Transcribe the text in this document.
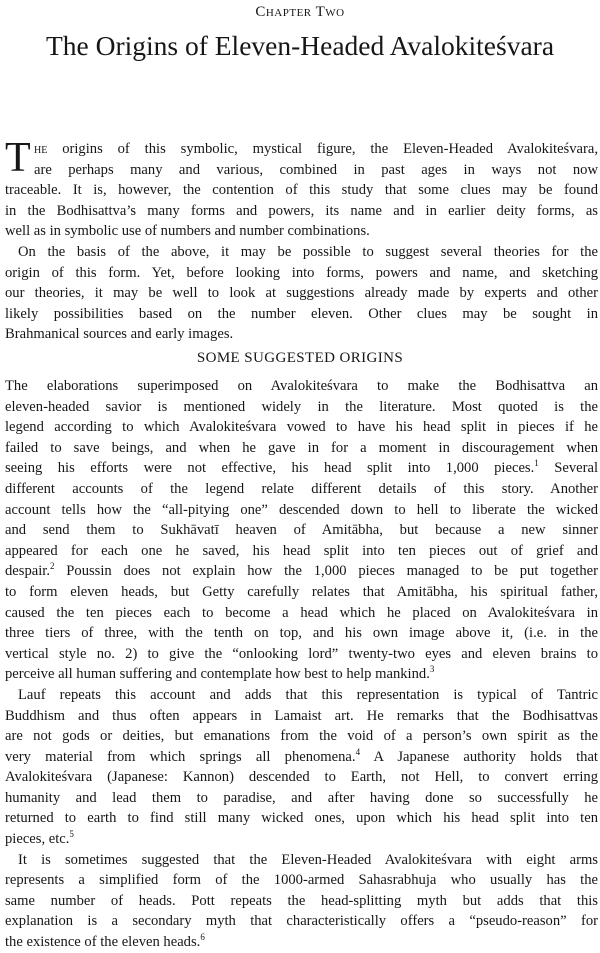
Chapter Two
The Origins of Eleven-Headed Avalokiteśvara
T he origins of this symbolic, mystical figure, the Eleven-Headed Avalokiteśvara,
are perhaps many and various, combined in past ages in ways not now
traceable. It is, however, the contention of this study that some clues may be found
in the Bodhisattva’s many forms and powers, its name and in earlier deity forms, as
well as in symbolic use of numbers and number combinations.
On the basis of the above, it may be possible to suggest several theories for the
origin of this form. Yet, before looking into forms, powers and name, and sketching
our theories, it may be well to look at suggestions already made by experts and other
likely possibilities based on the number eleven. Other clues may be sought in
Brahmanical sources and early images.
SOME SUGGESTED ORIGINS
The elaborations superimposed on Avalokiteśvara to make the Bodhisattva an
eleven-headed savior is mentioned widely in the literature. Most quoted is the
legend according to which Avalokiteśvara vowed to have his head split in pieces if he
failed to save beings, and when he gave in for a moment in discouragement when
seeing his efforts were not effective, his head split into 1,000 pieces.$^1$ Several
different accounts of the legend relate different details of this story. Another
account tells how the “all-pitying one” descended down to hell to liberate the wicked
and send them to Sukhāvatī heaven of Amitābha, but because a new sinner
appeared for each one he saved, his head split into ten pieces out of grief and
despair.$^2$ Poussin does not explain how the 1,000 pieces managed to be put together
to form eleven heads, but Getty carefully relates that Amitābha, his spiritual father,
caused the ten pieces each to become a head which he placed on Avalokiteśvara in
three tiers of three, with the tenth on top, and his own image above it, (i.e. in the
vertical style no. 2) to give the “onlooking lord” twenty-two eyes and eleven brains to
perceive all human suffering and contemplate how best to help mankind.$^3$
Lauf repeats this account and adds that this representation is typical of Tantric
Buddhism and thus often appears in Lamaist art. He remarks that the Bodhisattvas
are not gods or deities, but emanations from the void of a person’s own spirit as the
very material from which springs all phenomena.$^4$ A Japanese authority holds that
Avalokiteśvara (Japanese: Kannon) descended to Earth, not Hell, to convert erring
humanity and lead them to paradise, and after having done so successfully he
returned to earth to find still many wicked ones, upon which his head split into ten
pieces, etc.$^5$
It is sometimes suggested that the Eleven-Headed Avalokiteśvara with eight arms
represents a simplified form of the 1000-armed Sahasrabhuja who usually has the
same number of heads. Pott repeats the head-splitting myth but adds that this
explanation is a secondary myth that characteristically offers a “pseudo-reason” for
the existence of the eleven heads.$^6$
